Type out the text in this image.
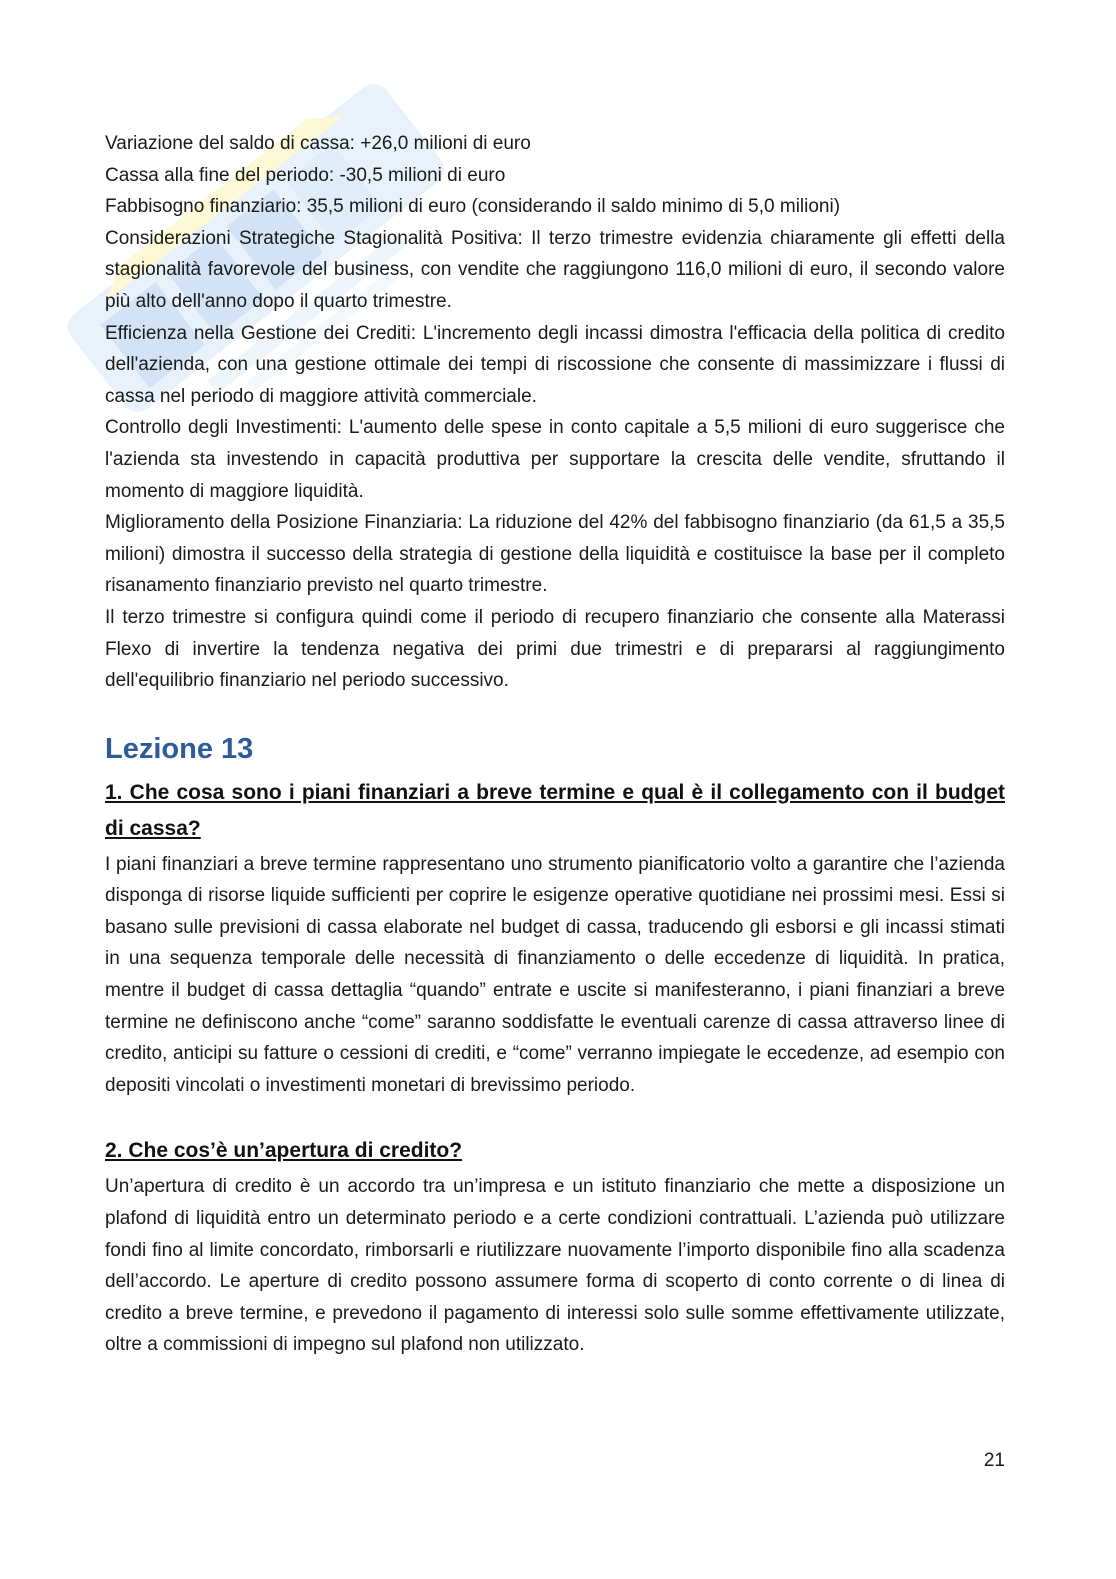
Variazione del saldo di cassa: +26,0 milioni di euro

Cassa alla fine del periodo: -30,5 milioni di euro

Fabbisogno finanziario: 35,5 milioni di euro (considerando il saldo minimo di 5,0 milioni)

Considerazioni Strategiche Stagionalità Positiva: Il terzo trimestre evidenzia chiaramente gli effetti della stagionalità favorevole del business, con vendite che raggiungono 116,0 milioni di euro, il secondo valore più alto dell'anno dopo il quarto trimestre.

Efficienza nella Gestione dei Crediti: L'incremento degli incassi dimostra l'efficacia della politica di credito dell'azienda, con una gestione ottimale dei tempi di riscossione che consente di massimizzare i flussi di cassa nel periodo di maggiore attività commerciale.

Controllo degli Investimenti: L'aumento delle spese in conto capitale a 5,5 milioni di euro suggerisce che l'azienda sta investendo in capacità produttiva per supportare la crescita delle vendite, sfruttando il momento di maggiore liquidità.

Miglioramento della Posizione Finanziaria: La riduzione del 42% del fabbisogno finanziario (da 61,5 a 35,5 milioni) dimostra il successo della strategia di gestione della liquidità e costituisce la base per il completo risanamento finanziario previsto nel quarto trimestre.

Il terzo trimestre si configura quindi come il periodo di recupero finanziario che consente alla Materassi Flexo di invertire la tendenza negativa dei primi due trimestri e di prepararsi al raggiungimento dell'equilibrio finanziario nel periodo successivo.

Lezione 13
1. Che cosa sono i piani finanziari a breve termine e qual è il collegamento con il budget di cassa?

I piani finanziari a breve termine rappresentano uno strumento pianificatorio volto a garantire che l’azienda disponga di risorse liquide sufficienti per coprire le esigenze operative quotidiane nei prossimi mesi. Essi si basano sulle previsioni di cassa elaborate nel budget di cassa, traducendo gli esborsi e gli incassi stimati in una sequenza temporale delle necessità di finanziamento o delle eccedenze di liquidità. In pratica, mentre il budget di cassa dettaglia “quando” entrate e uscite si manifesteranno, i piani finanziari a breve termine ne definiscono anche “come” saranno soddisfatte le eventuali carenze di cassa attraverso linee di credito, anticipi su fatture o cessioni di crediti, e “come” verranno impiegate le eccedenze, ad esempio con depositi vincolati o investimenti monetari di brevissimo periodo.

2. Che cos’è un’apertura di credito?

Un’apertura di credito è un accordo tra un’impresa e un istituto finanziario che mette a disposizione un plafond di liquidità entro un determinato periodo e a certe condizioni contrattuali. L’azienda può utilizzare fondi fino al limite concordato, rimborsarli e riutilizzare nuovamente l’importo disponibile fino alla scadenza dell’accordo. Le aperture di credito possono assumere forma di scoperto di conto corrente o di linea di credito a breve termine, e prevedono il pagamento di interessi solo sulle somme effettivamente utilizzate, oltre a commissioni di impegno sul plafond non utilizzato.

21
